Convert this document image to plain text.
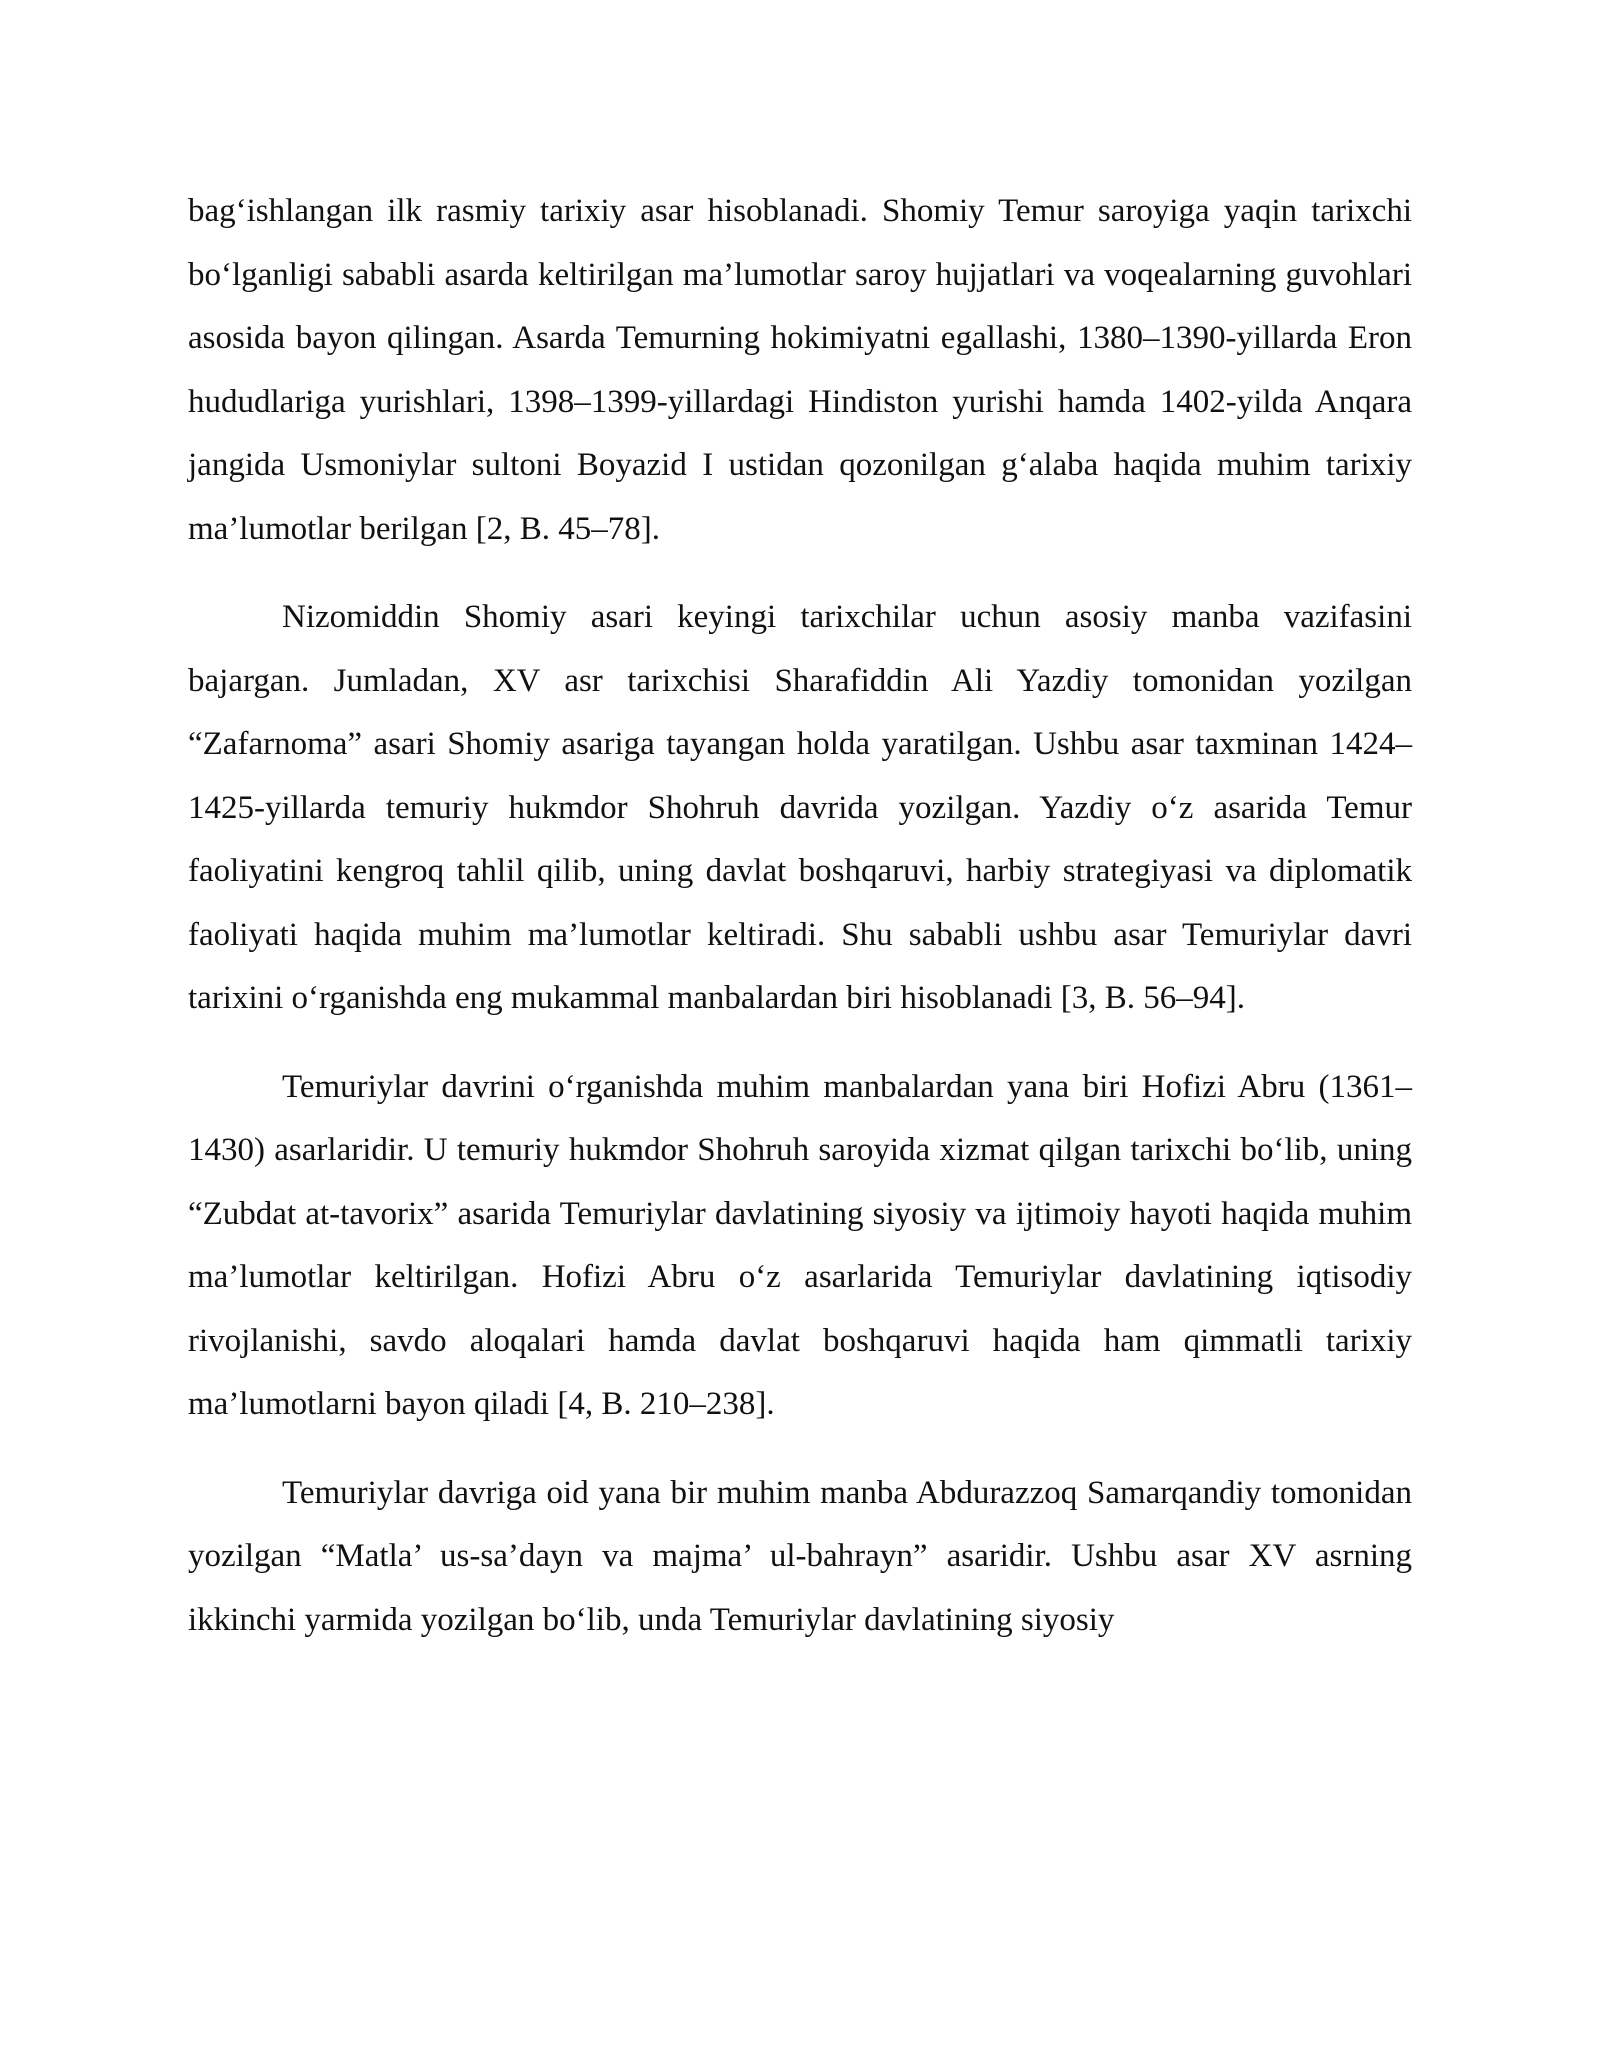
bag‘ishlangan ilk rasmiy tarixiy asar hisoblanadi. Shomiy Temur saroyiga yaqin tarixchi bo‘lganligi sababli asarda keltirilgan ma’lumotlar saroy hujjatlari va voqealarning guvohlari asosida bayon qilingan. Asarda Temurning hokimiyatni egallashi, 1380–1390-yillarda Eron hududlariga yurishlari, 1398–1399-yillardagi Hindiston yurishi hamda 1402-yilda Anqara jangida Usmoniylar sultoni Boyazid I ustidan qozonilgan g‘alaba haqida muhim tarixiy ma’lumotlar berilgan [2, B. 45–78].

Nizomiddin Shomiy asari keyingi tarixchilar uchun asosiy manba vazifasini bajargan. Jumladan, XV asr tarixchisi Sharafiddin Ali Yazdiy tomonidan yozilgan “Zafarnoma” asari Shomiy asariga tayangan holda yaratilgan. Ushbu asar taxminan 1424–1425-yillarda temuriy hukmdor Shohruh davrida yozilgan. Yazdiy o‘z asarida Temur faoliyatini kengroq tahlil qilib, uning davlat boshqaruvi, harbiy strategiyasi va diplomatik faoliyati haqida muhim ma’lumotlar keltiradi. Shu sababli ushbu asar Temuriylar davri tarixini o‘rganishda eng mukammal manbalardan biri hisoblanadi [3, B. 56–94].

Temuriylar davrini o‘rganishda muhim manbalardan yana biri Hofizi Abru (1361–1430) asarlaridir. U temuriy hukmdor Shohruh saroyida xizmat qilgan tarixchi bo‘lib, uning “Zubdat at-tavorix” asarida Temuriylar davlatining siyosiy va ijtimoiy hayoti haqida muhim ma’lumotlar keltirilgan. Hofizi Abru o‘z asarlarida Temuriylar davlatining iqtisodiy rivojlanishi, savdo aloqalari hamda davlat boshqaruvi haqida ham qimmatli tarixiy ma’lumotlarni bayon qiladi [4, B. 210–238].

Temuriylar davriga oid yana bir muhim manba Abdurazzoq Samarqandiy tomonidan yozilgan “Matla’ us-sa’dayn va majma’ ul-bahrayn” asaridir. Ushbu asar XV asrning ikkinchi yarmida yozilgan bo‘lib, unda Temuriylar davlatining siyosiy
